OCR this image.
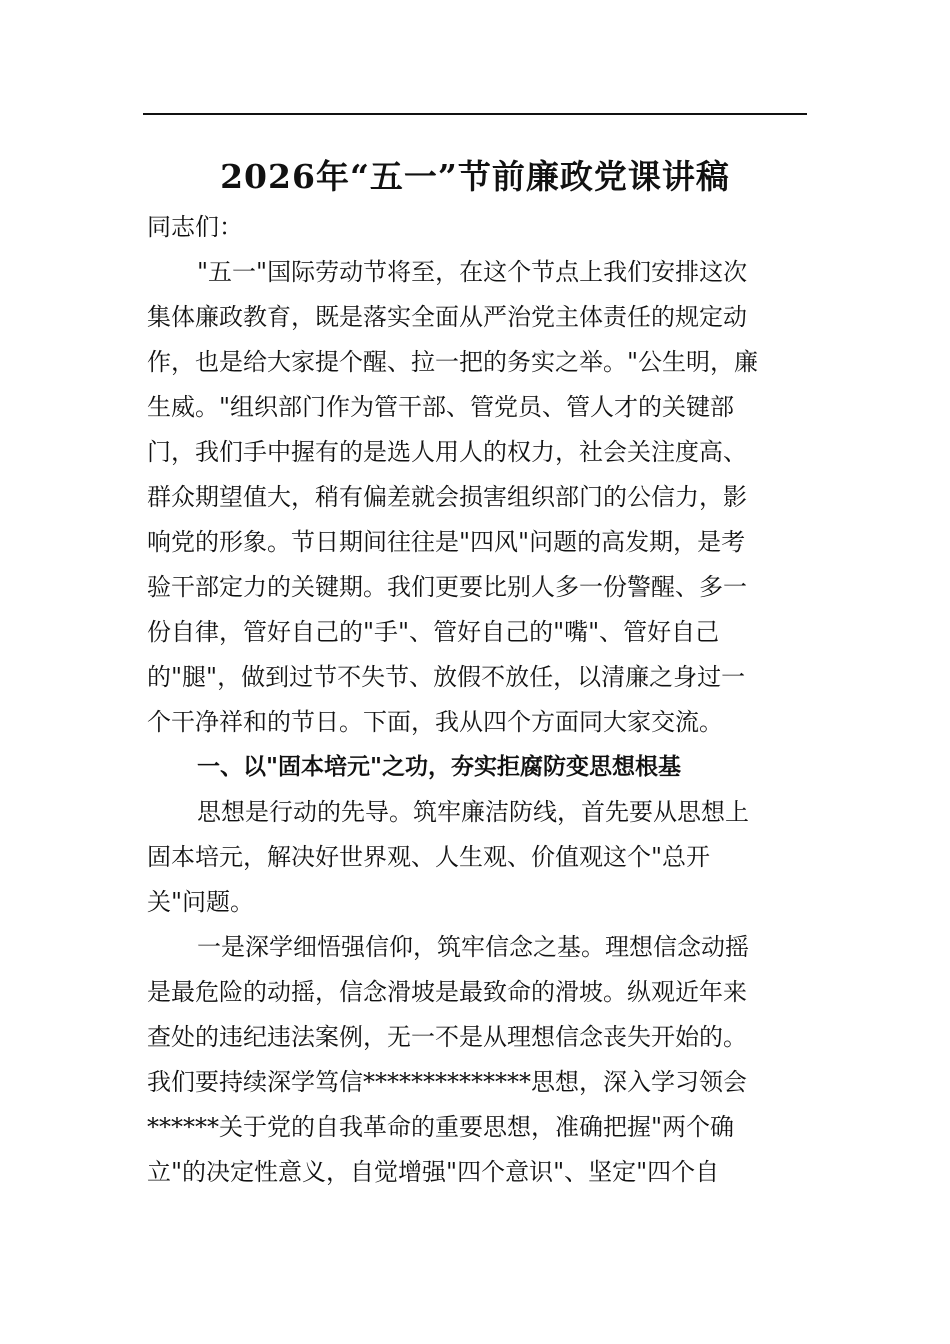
2026年“五一”节前廉政党课讲稿
同志们：
"五一"国际劳动节将至，在这个节点上我们安排这次
集体廉政教育，既是落实全面从严治党主体责任的规定动
作，也是给大家提个醒、拉一把的务实之举。"公生明，廉
生威。"组织部门作为管干部、管党员、管人才的关键部
门，我们手中握有的是选人用人的权力，社会关注度高、
群众期望值大，稍有偏差就会损害组织部门的公信力，影
响党的形象。节日期间往往是"四风"问题的高发期，是考
验干部定力的关键期。我们更要比别人多一份警醒、多一
份自律，管好自己的"手"、管好自己的"嘴"、管好自己
的"腿"，做到过节不失节、放假不放任，以清廉之身过一
个干净祥和的节日。下面，我从四个方面同大家交流。
一、以"固本培元"之功，夯实拒腐防变思想根基
思想是行动的先导。筑牢廉洁防线，首先要从思想上
固本培元，解决好世界观、人生观、价值观这个"总开
关"问题。
一是深学细悟强信仰，筑牢信念之基。理想信念动摇
是最危险的动摇，信念滑坡是最致命的滑坡。纵观近年来
查处的违纪违法案例，无一不是从理想信念丧失开始的。
我们要持续深学笃信**************思想，深入学习领会
******关于党的自我革命的重要思想，准确把握"两个确
立"的决定性意义，自觉增强"四个意识"、坚定"四个自
